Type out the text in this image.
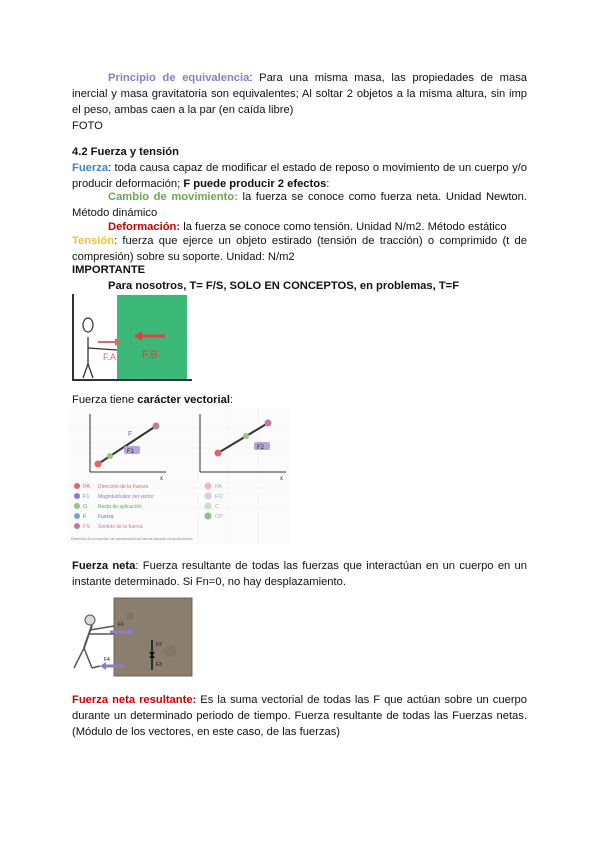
Principio de equivalencia: Para una misma masa, las propiedades de masa inercial y masa gravitatoria son equivalentes; Al soltar 2 objetos a la misma altura, sin imp el peso, ambas caen a la par (en caída libre)

FOTO

4.2 Fuerza y tensión

Fuerza: toda causa capaz de modificar el estado de reposo o movimiento de un cuerpo y/o producir deformación; F puede producir 2 efectos:

Cambio de movimiento: la fuerza se conoce como fuerza neta. Unidad Newton. Método dinámico

Deformación: la fuerza se conoce como tensión. Unidad N/m2. Método estático

Tensión: fuerza que ejerce un objeto estirado (tensión de tracción) o comprimido (t de compresión) sobre su soporte. Unidad: N/m2

IMPORTANTE

Para nosotros, T= F/S, SOLO EN CONCEPTOS, en problemas, T=F

F.A F.B

Fuerza tiene carácter vectorial:

F
F1
x
F2
x
PA Dirección de la Fuerza
F1 Magnitud/valor del vector
O Recta de aplicación
F Fuerza
FS Sentido de la fuerza
PA
F/2
C
CP
Elementos de los vectores, ver representación de fuerzas actuando en las direcciones

Fuerza neta: Fuerza resultante de todas las fuerzas que interactúan en un cuerpo en un instante determinado. Si Fn=0, no hay desplazamiento.

F1
F2
F3
F4

Fuerza neta resultante: Es la suma vectorial de todas las F que actúan sobre un cuerpo durante un determinado periodo de tiempo. Fuerza resultante de todas las Fuerzas netas. (Módulo de los vectores, en este caso, de las fuerzas)
